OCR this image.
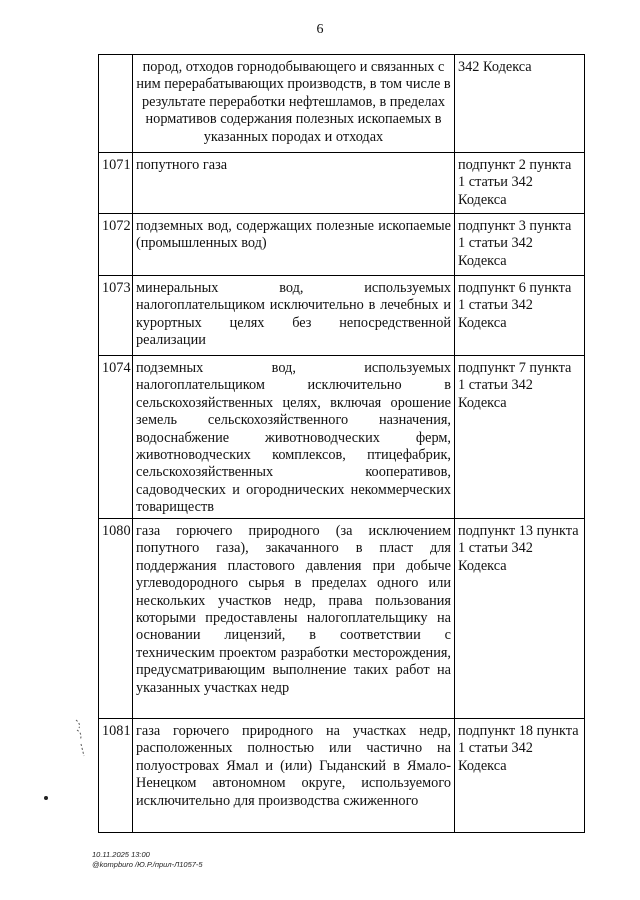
6
	пород, отходов горнодобывающего и связанных с ним перерабатывающих производств, в том числе в результате переработки нефтешламов, в пределах нормативов содержания полезных ископаемых в указанных породах и отходах	342 Кодекса
1071	попутного газа	подпункт 2 пункта 1 статьи 342 Кодекса
1072	подземных вод, содержащих полезные ископаемые (промышленных вод)	подпункт 3 пункта 1 статьи 342 Кодекса
1073	минеральных вод, используемых налогоплательщиком исключительно в лечебных и курортных целях без непосредственной реализации	подпункт 6 пункта 1 статьи 342 Кодекса
1074	подземных вод, используемых налогоплательщиком исключительно в сельскохозяйственных целях, включая орошение земель сельскохозяйственного назначения, водоснабжение животноводческих ферм, животноводческих комплексов, птицефабрик, сельскохозяйственных кооперативов, садоводческих и огороднических некоммерческих товариществ	подпункт 7 пункта 1 статьи 342 Кодекса
1080	газа горючего природного (за исключением попутного газа), закачанного в пласт для поддержания пластового давления при добыче углеводородного сырья в пределах одного или нескольких участков недр, права пользования которыми предоставлены налогоплательщику на основании лицензий, в соответствии с техническим проектом разработки месторождения, предусматривающим выполнение таких работ на указанных участках недр	подпункт 13 пункта 1 статьи 342 Кодекса
1081	газа горючего природного на участках недр, расположенных полностью или частично на полуостровах Ямал и (или) Гыданский в Ямало-Ненецком автономном округе, используемого исключительно для производства сжиженного	подпункт 18 пункта 1 статьи 342 Кодекса
10.11.2025 13:00
@kompburo /Ю.Р./прил-Л1057-5
